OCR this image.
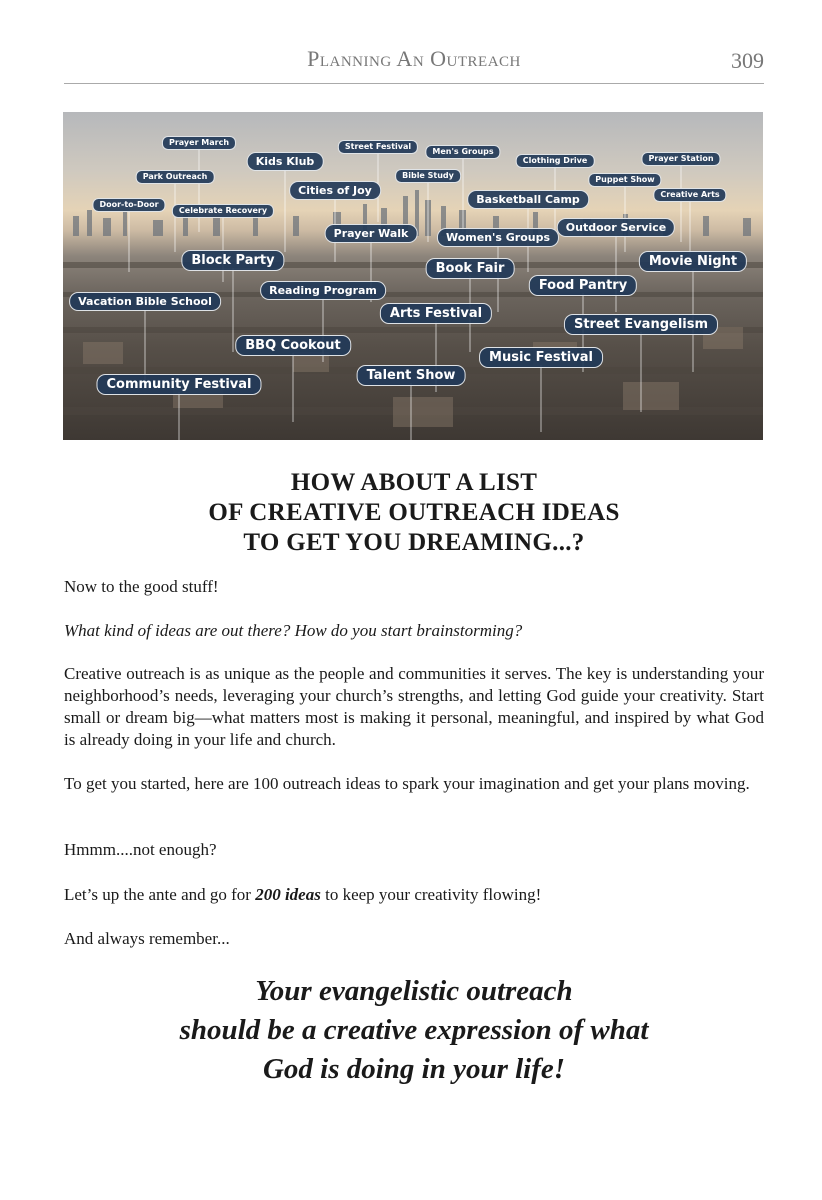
Planning An Outreach	309
Prayer March
Kids Klub
Street Festival
Men's Groups
Clothing Drive	Prayer Station
Park Outreach	Bible Study	Puppet Show
Cities of Joy	Creative Arts
Door-to-Door	Basketball Camp
Celebrate Recovery
Outdoor Service
Prayer Walk	Women's Groups
Block Party
Book Fair	Movie Night
Food Pantry
Reading Program
Vacation Bible School
Arts Festival
Street Evangelism
BBQ Cookout
Music Festival
Talent Show
Community Festival
HOW ABOUT A LIST
OF CREATIVE OUTREACH IDEAS
TO GET YOU DREAMING...?

Now to the good stuff!

What kind of ideas are out there? How do you start brainstorming?

Creative outreach is as unique as the people and communities it serves. The key is understanding your neighborhood’s needs, leveraging your church’s strengths, and letting God guide your creativity. Start small or dream big—what matters most is making it personal, meaningful, and inspired by what God is already doing in your life and church.

To get you started, here are 100 outreach ideas to spark your imagination and get your plans moving.

Hmmm....not enough?

Let’s up the ante and go for 200 ideas to keep your creativity flowing!

And always remember...

Your evangelistic outreach
should be a creative expression of what
God is doing in your life!
